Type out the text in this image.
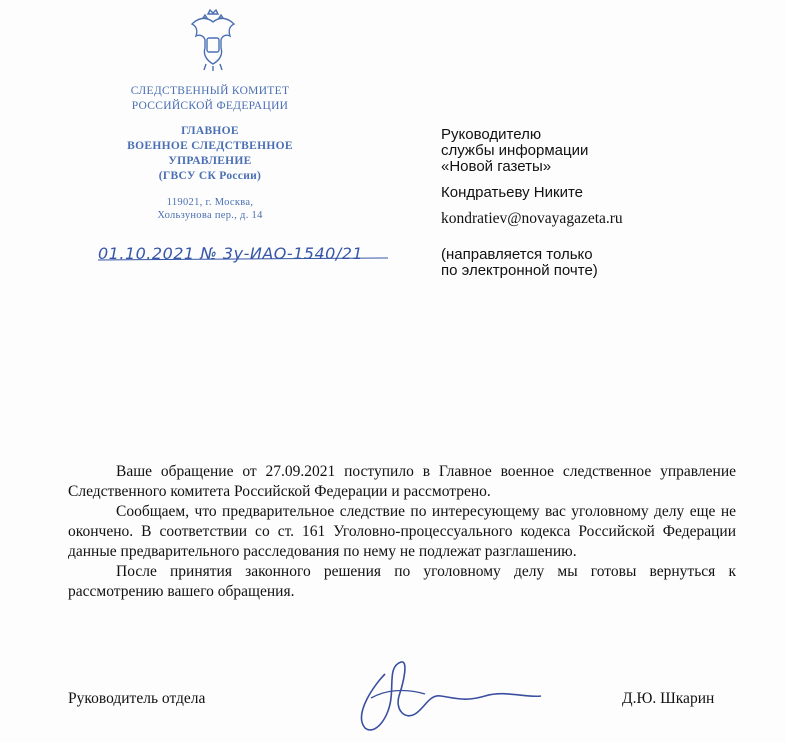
СЛЕДСТВЕННЫЙ КОМИТЕТ
РОССИЙСКОЙ ФЕДЕРАЦИИ
ГЛАВНОЕ
ВОЕННОЕ СЛЕДСТВЕННОЕ
УПРАВЛЕНИЕ
(ГВСУ СК России)
119021, г. Москва,
Хользунова пер., д. 14
01.10.2021 № 3у-ИАО-1540/21
Руководителю
службы информации
«Новой газеты»
Кондратьеву Никите
kondratiev@novayagazeta.ru
(направляется только
по электронной почте)

Ваше обращение от 27.09.2021 поступило в Главное военное следственное управление Следственного комитета Российской Федерации и рассмотрено.

Сообщаем, что предварительное следствие по интересующему вас уголовному делу еще не окончено. В соответствии со ст. 161 Уголовно-процессуального кодекса Российской Федерации данные предварительного расследования по нему не подлежат разглашению.

После принятия законного решения по уголовному делу мы готовы вернуться к рассмотрению вашего обращения.

Руководитель отдела	Д.Ю. Шкарин
